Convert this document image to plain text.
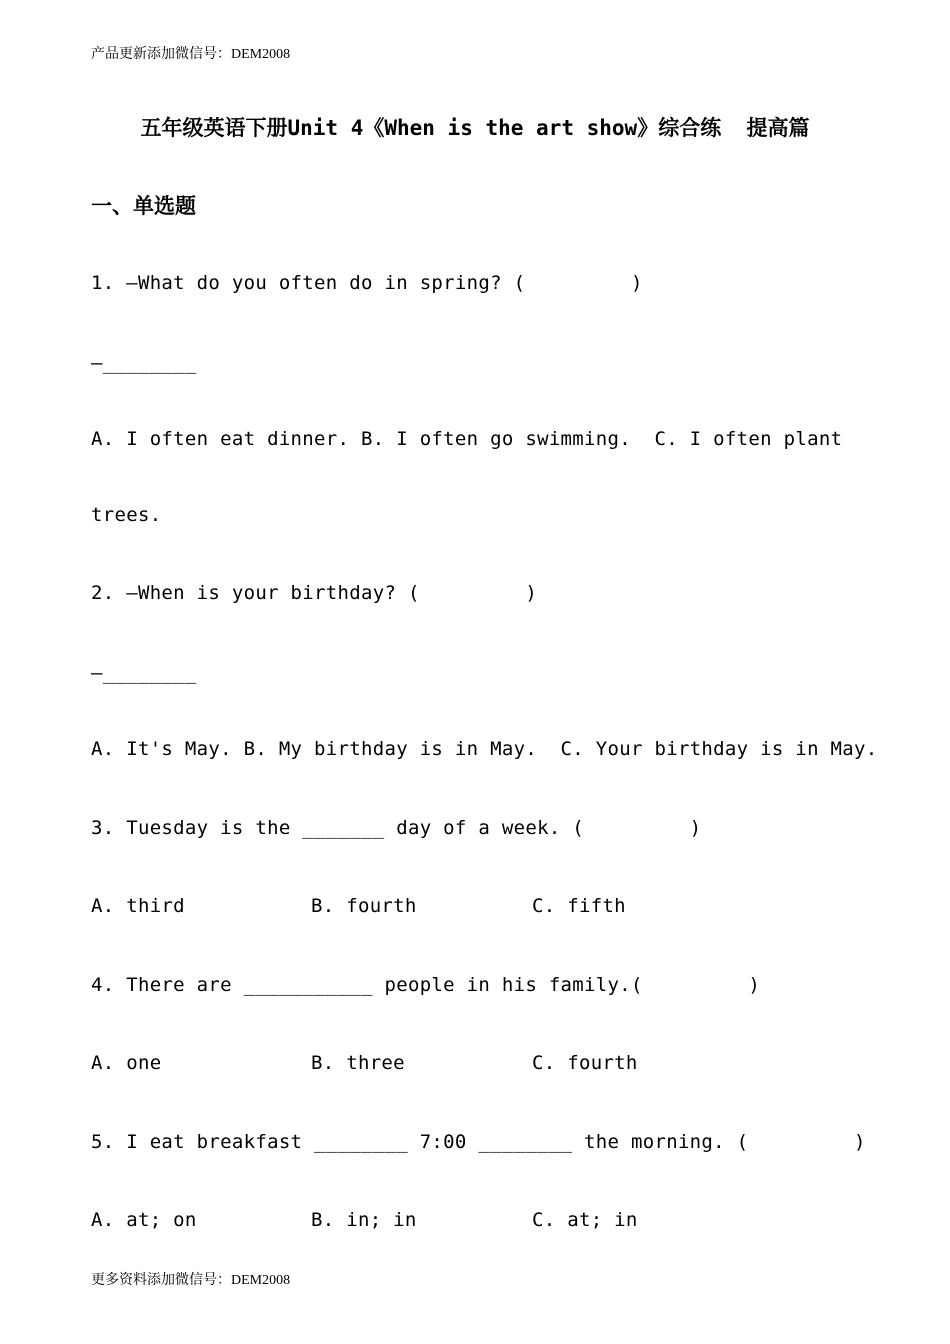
产品更新添加微信号：DEM2008
五年级英语下册Unit 4《When is the art show》综合练  提高篇
一、单选题
1. —What do you often do in spring? (         )
—________
A. I often eat dinner. B. I often go swimming.  C. I often plant
trees.
2. —When is your birthday? (         )
—________
A. It's May. B. My birthday is in May.  C. Your birthday is in May.
3. Tuesday is the _______ day of a week. (         )
A. third	B. fourth	C. fifth
4. There are ___________ people in his family.(         )
A. one	B. three	C. fourth
5. I eat breakfast ________ 7:00 ________ the morning. (         )
A. at; on	B. in; in	C. at; in
更多资料添加微信号：DEM2008
